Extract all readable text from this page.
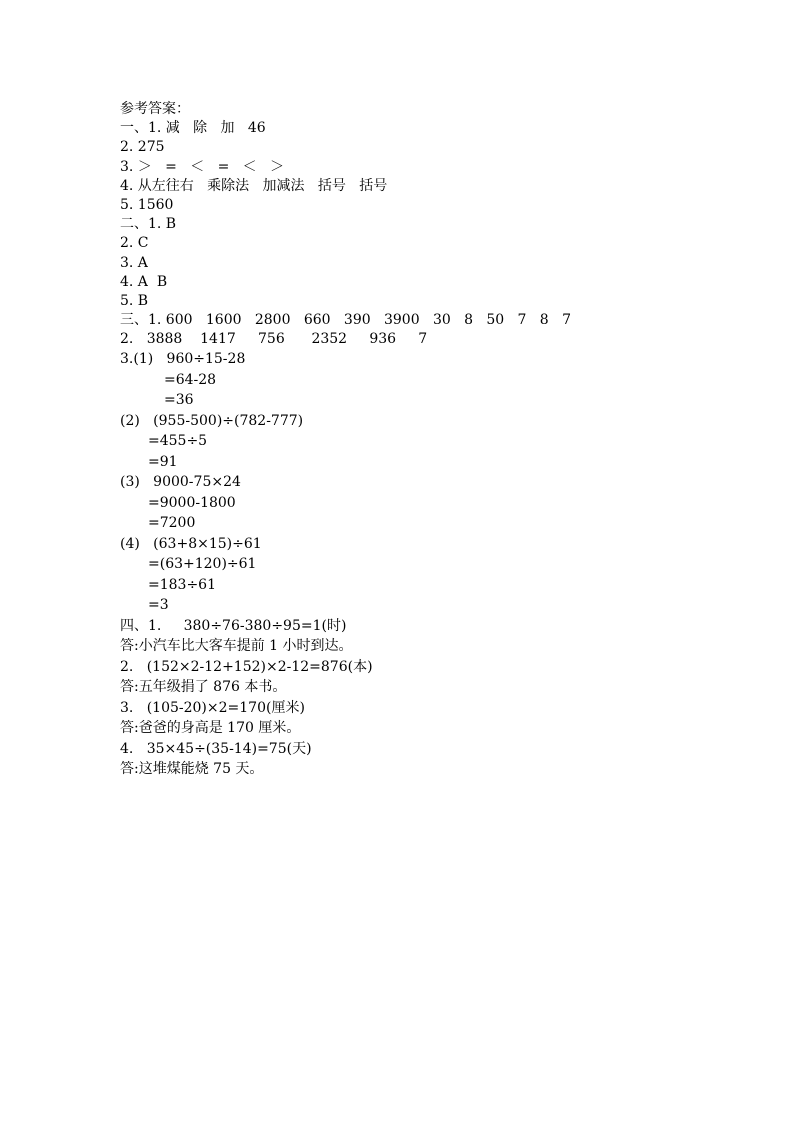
参考答案：
一、1. 减   除   加   46
2. 275
3. ＞   =   ＜   =   ＜   ＞
4. 从左往右   乘除法   加减法   括号   括号
5. 1560
二、1. B
2. C
3. A
4. A  B
5. B
三、1. 600   1600   2800   660   390   3900   30   8   50   7   8   7
2.   3888    1417     756      2352     936     7
3.(1)   960÷15-28
=64-28
=36
(2)   (955-500)÷(782-777)
=455÷5
=91
(3)   9000-75×24
=9000-1800
=7200
(4)   (63+8×15)÷61
=(63+120)÷61
=183÷61
=3
四、1.     380÷76-380÷95=1(时)
答:小汽车比大客车提前 1 小时到达。
2.   (152×2-12+152)×2-12=876(本)
答:五年级捐了 876 本书。
3.   (105-20)×2=170(厘米)
答:爸爸的身高是 170 厘米。
4.   35×45÷(35-14)=75(天)
答:这堆煤能烧 75 天。
